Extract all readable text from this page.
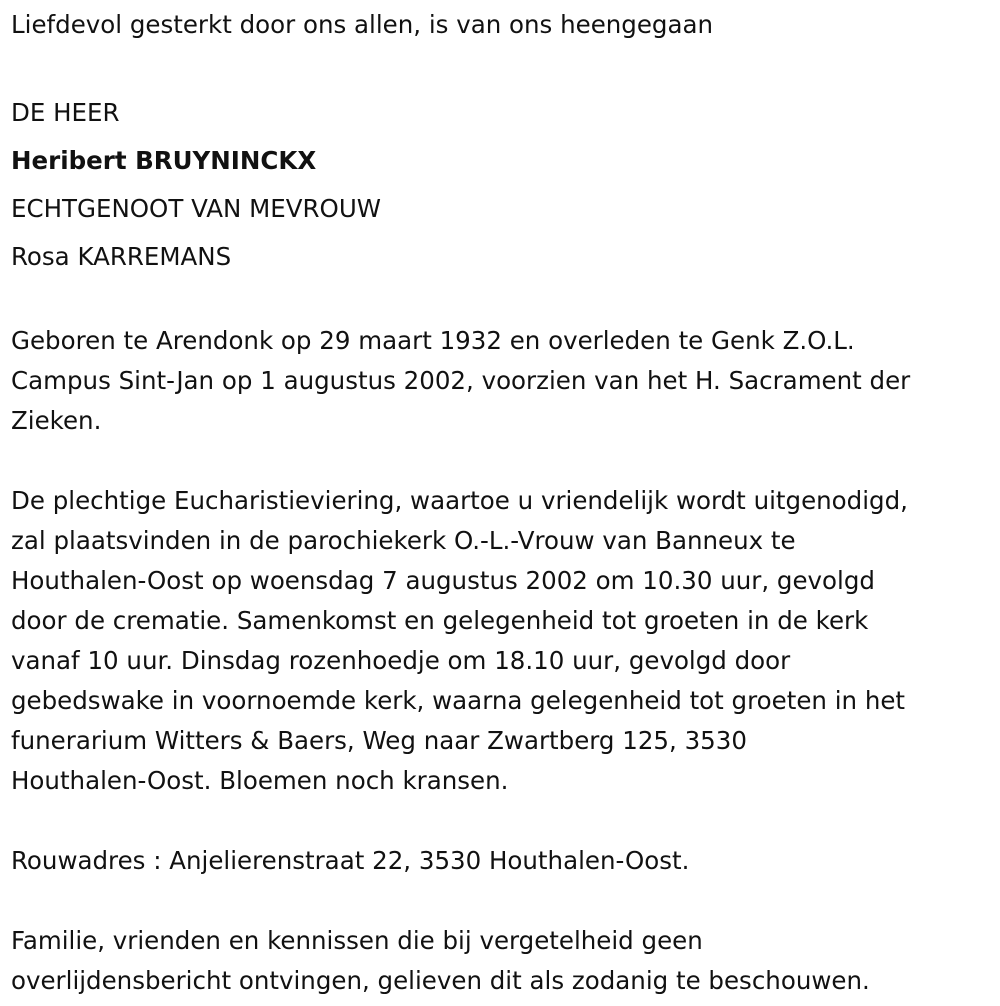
Liefdevol gesterkt door ons allen, is van ons heengegaan
DE HEER
Heribert BRUYNINCKX
ECHTGENOOT VAN MEVROUW
Rosa KARREMANS
Geboren te Arendonk op 29 maart 1932 en overleden te Genk Z.O.L.
Campus Sint-Jan op 1 augustus 2002, voorzien van het H. Sacrament der
Zieken.
De plechtige Eucharistieviering, waartoe u vriendelijk wordt uitgenodigd,
zal plaatsvinden in de parochiekerk O.-L.-Vrouw van Banneux te
Houthalen-Oost op woensdag 7 augustus 2002 om 10.30 uur, gevolgd
door de crematie. Samenkomst en gelegenheid tot groeten in de kerk
vanaf 10 uur. Dinsdag rozenhoedje om 18.10 uur, gevolgd door
gebedswake in voornoemde kerk, waarna gelegenheid tot groeten in het
funerarium Witters & Baers, Weg naar Zwartberg 125, 3530
Houthalen-Oost. Bloemen noch kransen.
Rouwadres : Anjelierenstraat 22, 3530 Houthalen-Oost.
Familie, vrienden en kennissen die bij vergetelheid geen
overlijdensbericht ontvingen, gelieven dit als zodanig te beschouwen.
